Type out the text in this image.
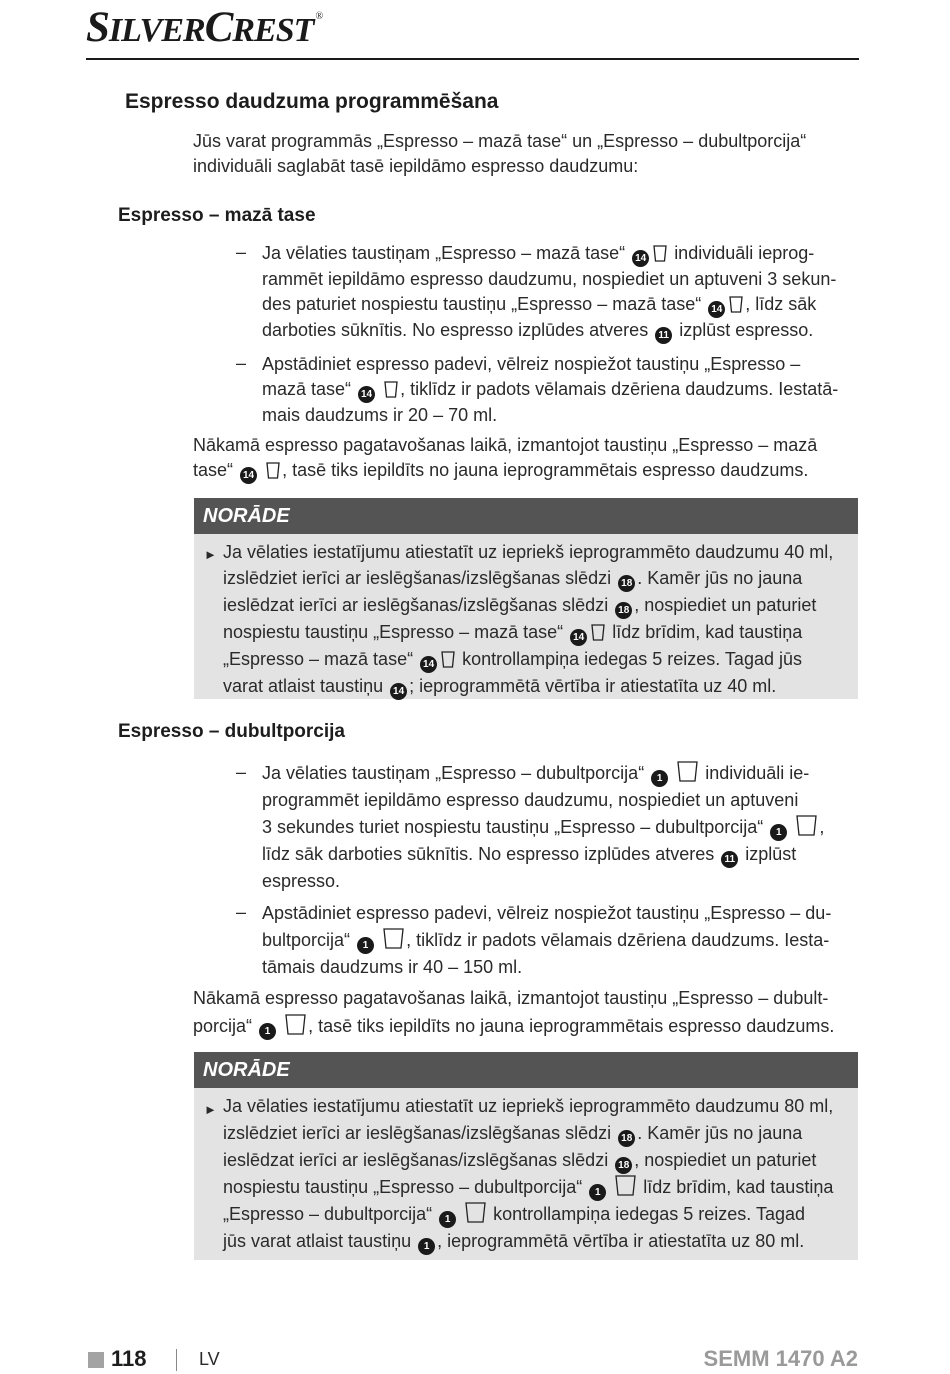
SILVERCREST ®
Espresso daudzuma programmēšana
Jūs varat programmās „Espresso – mazā tase“ un „Espresso – dubultporcija“
individuāli saglabāt tasē iepildāmo espresso daudzumu:
Espresso – mazā tase
– Ja vēlaties taustiņam „Espresso – mazā tase“ 14 individuāli ieprog-
rammēt iepildāmo espresso daudzumu, nospiediet un aptuveni 3 sekun-
des paturiet nospiestu taustiņu „Espresso – mazā tase“ 14 , līdz sāk
darboties sūknītis. No espresso izplūdes atveres 11 izplūst espresso.
– Apstādiniet espresso padevi, vēlreiz nospiežot taustiņu „Espresso –
mazā tase“ 14 , tiklīdz ir padots vēlamais dzēriena daudzums. Iestatā-
mais daudzums ir 20 – 70 ml.
Nākamā espresso pagatavošanas laikā, izmantojot taustiņu „Espresso – mazā
tase“ 14 , tasē tiks iepildīts no jauna ieprogrammētais espresso daudzums.
NORĀDE
► Ja vēlaties iestatījumu atiestatīt uz iepriekš ieprogrammēto daudzumu 40 ml,
izslēdziet ierīci ar ieslēgšanas/izslēgšanas slēdzi 18 . Kamēr jūs no jauna
ieslēdzat ierīci ar ieslēgšanas/izslēgšanas slēdzi 18 , nospiediet un paturiet
nospiestu taustiņu „Espresso – mazā tase“ 14 līdz brīdim, kad taustiņa
„Espresso – mazā tase“ 14 kontrollampiņa iedegas 5 reizes. Tagad jūs
varat atlaist taustiņu 14 ; ieprogrammētā vērtība ir atiestatīta uz 40 ml.
Espresso – dubultporcija
– Ja vēlaties taustiņam „Espresso – dubultporcija“ 1 individuāli ie-
programmēt iepildāmo espresso daudzumu, nospiediet un aptuveni
3 sekundes turiet nospiestu taustiņu „Espresso – dubultporcija“ 1 ,
līdz sāk darboties sūknītis. No espresso izplūdes atveres 11 izplūst
espresso.
– Apstādiniet espresso padevi, vēlreiz nospiežot taustiņu „Espresso – du-
bultporcija“ 1 , tiklīdz ir padots vēlamais dzēriena daudzums. Iesta-
tāmais daudzums ir 40 – 150 ml.
Nākamā espresso pagatavošanas laikā, izmantojot taustiņu „Espresso – dubult-
porcija“ 1 , tasē tiks iepildīts no jauna ieprogrammētais espresso daudzums.
NORĀDE
► Ja vēlaties iestatījumu atiestatīt uz iepriekš ieprogrammēto daudzumu 80 ml,
izslēdziet ierīci ar ieslēgšanas/izslēgšanas slēdzi 18 . Kamēr jūs no jauna
ieslēdzat ierīci ar ieslēgšanas/izslēgšanas slēdzi 18 , nospiediet un paturiet
nospiestu taustiņu „Espresso – dubultporcija“ 1 līdz brīdim, kad taustiņa
„Espresso – dubultporcija“ 1 kontrollampiņa iedegas 5 reizes. Tagad
jūs varat atlaist taustiņu 1 , ieprogrammētā vērtība ir atiestatīta uz 80 ml.
118	LV	SEMM 1470 A2
